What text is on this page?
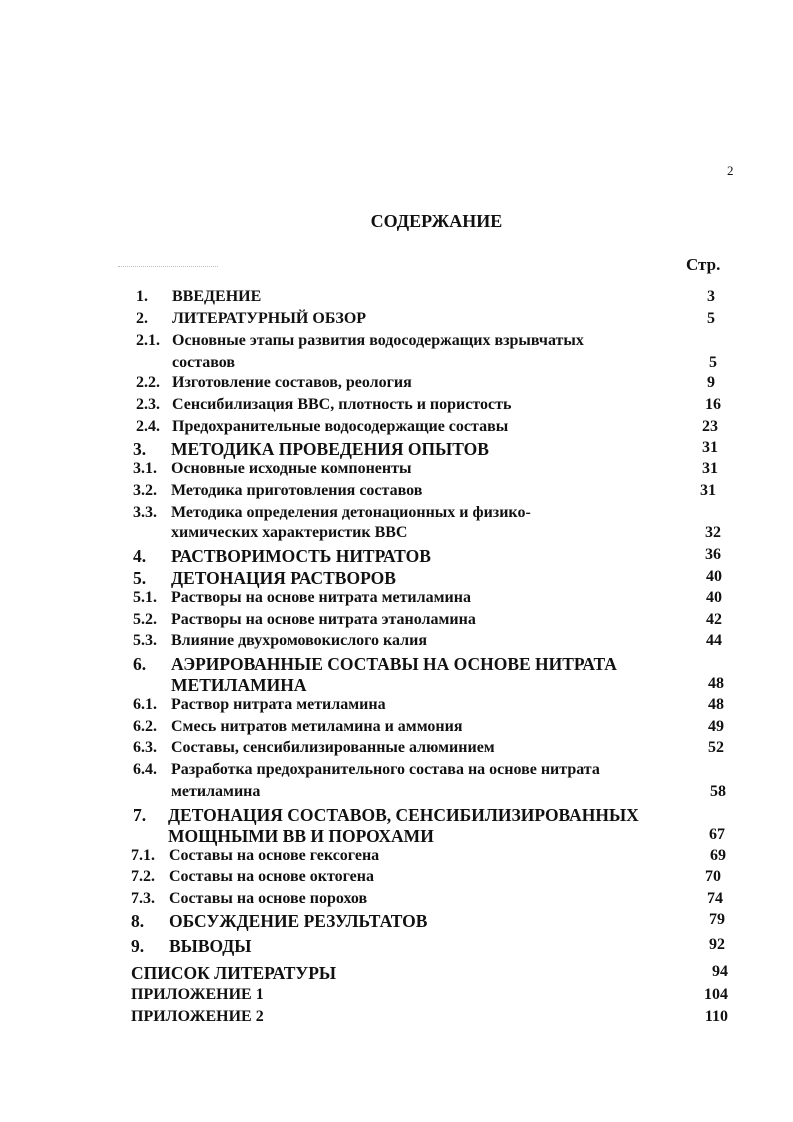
2
СОДЕРЖАНИЕ
Стр.
1. ВВЕДЕНИЕ	3
2. ЛИТЕРАТУРНЫЙ ОБЗОР	5
2.1. Основные этапы развития водосодержащих взрывчатых
составов	5
2.2. Изготовление составов, реология	9
2.3. Сенсибилизация ВВС, плотность и пористость	16
2.4. Предохранительные водосодержащие составы	23
3. МЕТОДИКА ПРОВЕДЕНИЯ ОПЫТОВ	31
3.1. Основные исходные компоненты	31
3.2. Методика приготовления составов	31
3.3. Методика определения детонационных и физико-
химических характеристик ВВС	32
4. РАСТВОРИМОСТЬ НИТРАТОВ	36
5. ДЕТОНАЦИЯ РАСТВОРОВ	40
5.1. Растворы на основе нитрата метиламина	40
5.2. Растворы на основе нитрата этаноламина	42
5.3. Влияние двухромовокислого калия	44
6. АЭРИРОВАННЫЕ СОСТАВЫ НА ОСНОВЕ НИТРАТА
МЕТИЛАМИНА	48
6.1. Раствор нитрата метиламина	48
6.2. Смесь нитратов метиламина и аммония	49
6.3. Составы, сенсибилизированные алюминием	52
6.4. Разработка предохранительного состава на основе нитрата
метиламина	58
7. ДЕТОНАЦИЯ СОСТАВОВ, СЕНСИБИЛИЗИРОВАННЫХ
МОЩНЫМИ ВВ И ПОРОХАМИ	67
7.1. Составы на основе гексогена	69
7.2. Составы на основе октогена	70
7.3. Составы на основе порохов	74
8. ОБСУЖДЕНИЕ РЕЗУЛЬТАТОВ	79
9. ВЫВОДЫ	92
СПИСОК ЛИТЕРАТУРЫ	94
ПРИЛОЖЕНИЕ 1	104
ПРИЛОЖЕНИЕ 2	110
